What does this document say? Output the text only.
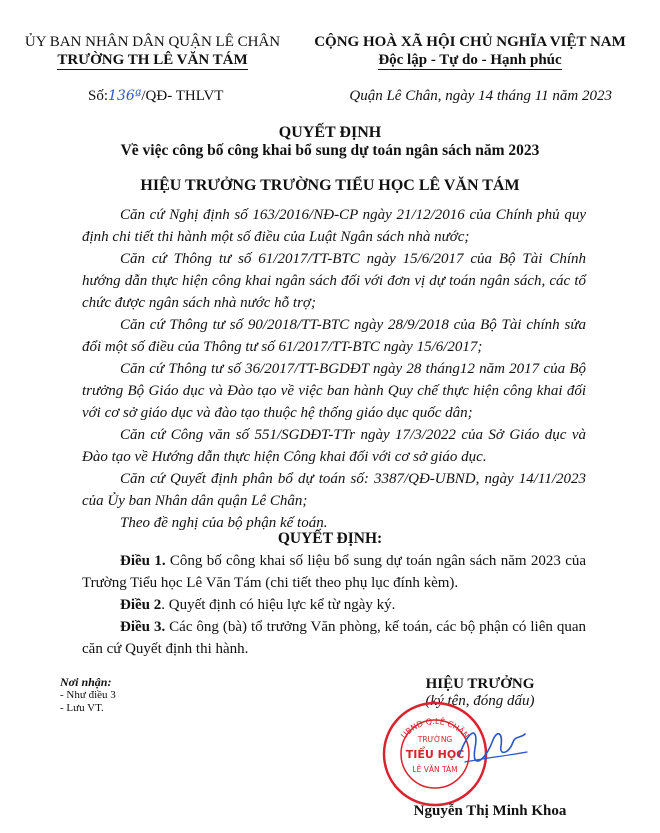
ỦY BAN NHÂN DÂN QUẬN LÊ CHÂN
TRƯỜNG TH LÊ VĂN TÁM
CỘNG HOÀ XÃ HỘI CHỦ NGHĨA VIỆT NAM
Độc lập - Tự do - Hạnh phúc
Số:136ª/QĐ- THLVT	Quận Lê Chân, ngày 14 tháng 11 năm 2023
QUYẾT ĐỊNH
Về việc công bố công khai bổ sung dự toán ngân sách năm 2023
HIỆU TRƯỞNG TRƯỜNG TIỂU HỌC LÊ VĂN TÁM

Căn cứ Nghị định số 163/2016/NĐ-CP ngày 21/12/2016 của Chính phủ quy định chi tiết thi hành một số điều của Luật Ngân sách nhà nước;

Căn cứ Thông tư số 61/2017/TT-BTC ngày 15/6/2017 của Bộ Tài Chính hướng dẫn thực hiện công khai ngân sách đối với đơn vị dự toán ngân sách, các tổ chức được ngân sách nhà nước hỗ trợ;

Căn cứ Thông tư số 90/2018/TT-BTC ngày 28/9/2018 của Bộ Tài chính sửa đổi một số điều của Thông tư số 61/2017/TT-BTC ngày 15/6/2017;

Căn cứ Thông tư số 36/2017/TT-BGDĐT ngày 28 tháng12 năm 2017 của Bộ trưởng Bộ Giáo dục và Đào tạo về việc ban hành Quy chế thực hiện công khai đối với cơ sở giáo dục và đào tạo thuộc hệ thống giáo dục quốc dân;

Căn cứ Công văn số 551/SGDĐT-TTr ngày 17/3/2022 của Sở Giáo dục và Đào tạo về Hướng dẫn thực hiện Công khai đối với cơ sở giáo dục.

Căn cứ Quyết định phân bổ dự toán số: 3387/QĐ-UBND, ngày 14/11/2023 của Ủy ban Nhân dân quận Lê Chân;

Theo đề nghị của bộ phận kế toán.

QUYẾT ĐỊNH:

Điều 1. Công bố công khai số liệu bổ sung dự toán ngân sách năm 2023 của Trường Tiểu học Lê Văn Tám (chi tiết theo phụ lục đính kèm).

Điều 2. Quyết định có hiệu lực kể từ ngày ký.

Điều 3. Các ông (bà) tổ trưởng Văn phòng, kế toán, các bộ phận có liên quan căn cứ Quyết định thi hành.

Nơi nhận:
- Như điều 3
- Lưu VT.
HIỆU TRƯỞNG
(ký tên, đóng dấu)
UBND Q.LÊ CHÂN
TRƯỜNG
TIỂU HỌC
LÊ VĂN TÁM
Nguyễn Thị Minh Khoa
